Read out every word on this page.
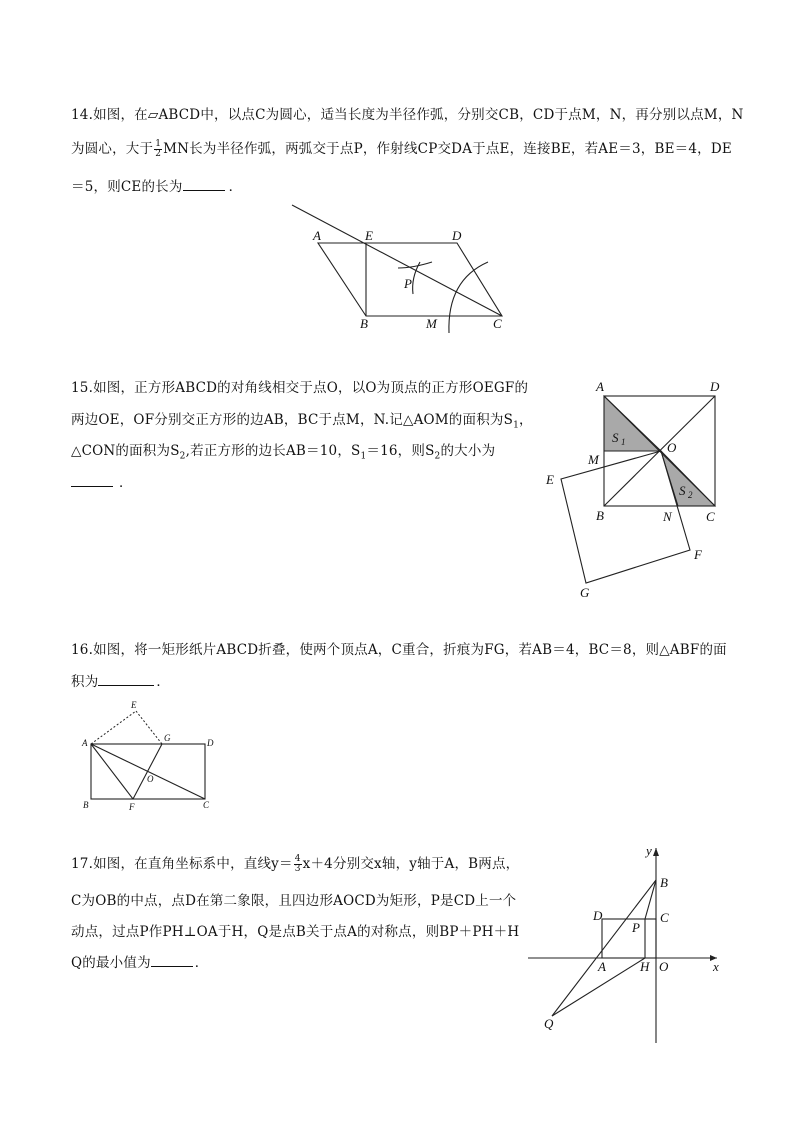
14.如图，在▱ABCD中，以点C为圆心，适当长度为半径作弧，分别交CB，CD于点M，N，再分别以点M，N
为圆心，大于 $\frac{1}{2}$ MN长为半径作弧，两弧交于点P，作射线CP交DA于点E，连接BE，若AE＝3，BE＝4，DE
＝5，则CE的长为	．
A	E	D
P
B	M	C
15.如图，正方形ABCD的对角线相交于点O，以O为顶点的正方形OEGF的
两边OE，OF分别交正方形的边AB，BC于点M，N.记△AOM的面积为$S_1$，
△CON的面积为$S_2$,若正方形的边长AB＝10，$S_1=16$，则$S_2$的大小为
．
A	D
S 1	O
M
E
S 2
B	N	C
F
G
16.如图，将一矩形纸片ABCD折叠，使两个顶点A，C重合，折痕为FG，若AB＝4，BC＝8，则△ABF的面
积为	．
E
A	G	D
O
B	F	C
17.如图，在直角坐标系中，直线$y= \frac{4}{3} x+4$分别交x轴，y轴于A，B两点，
C为OB的中点，点D在第二象限，且四边形AOCD为矩形，P是CD上一个
动点，过点P作PH⊥OA于H，Q是点B关于点A的对称点，则BP＋PH＋H
Q的最小值为	．
y
B
D	C
P
A	H O	x
Q
